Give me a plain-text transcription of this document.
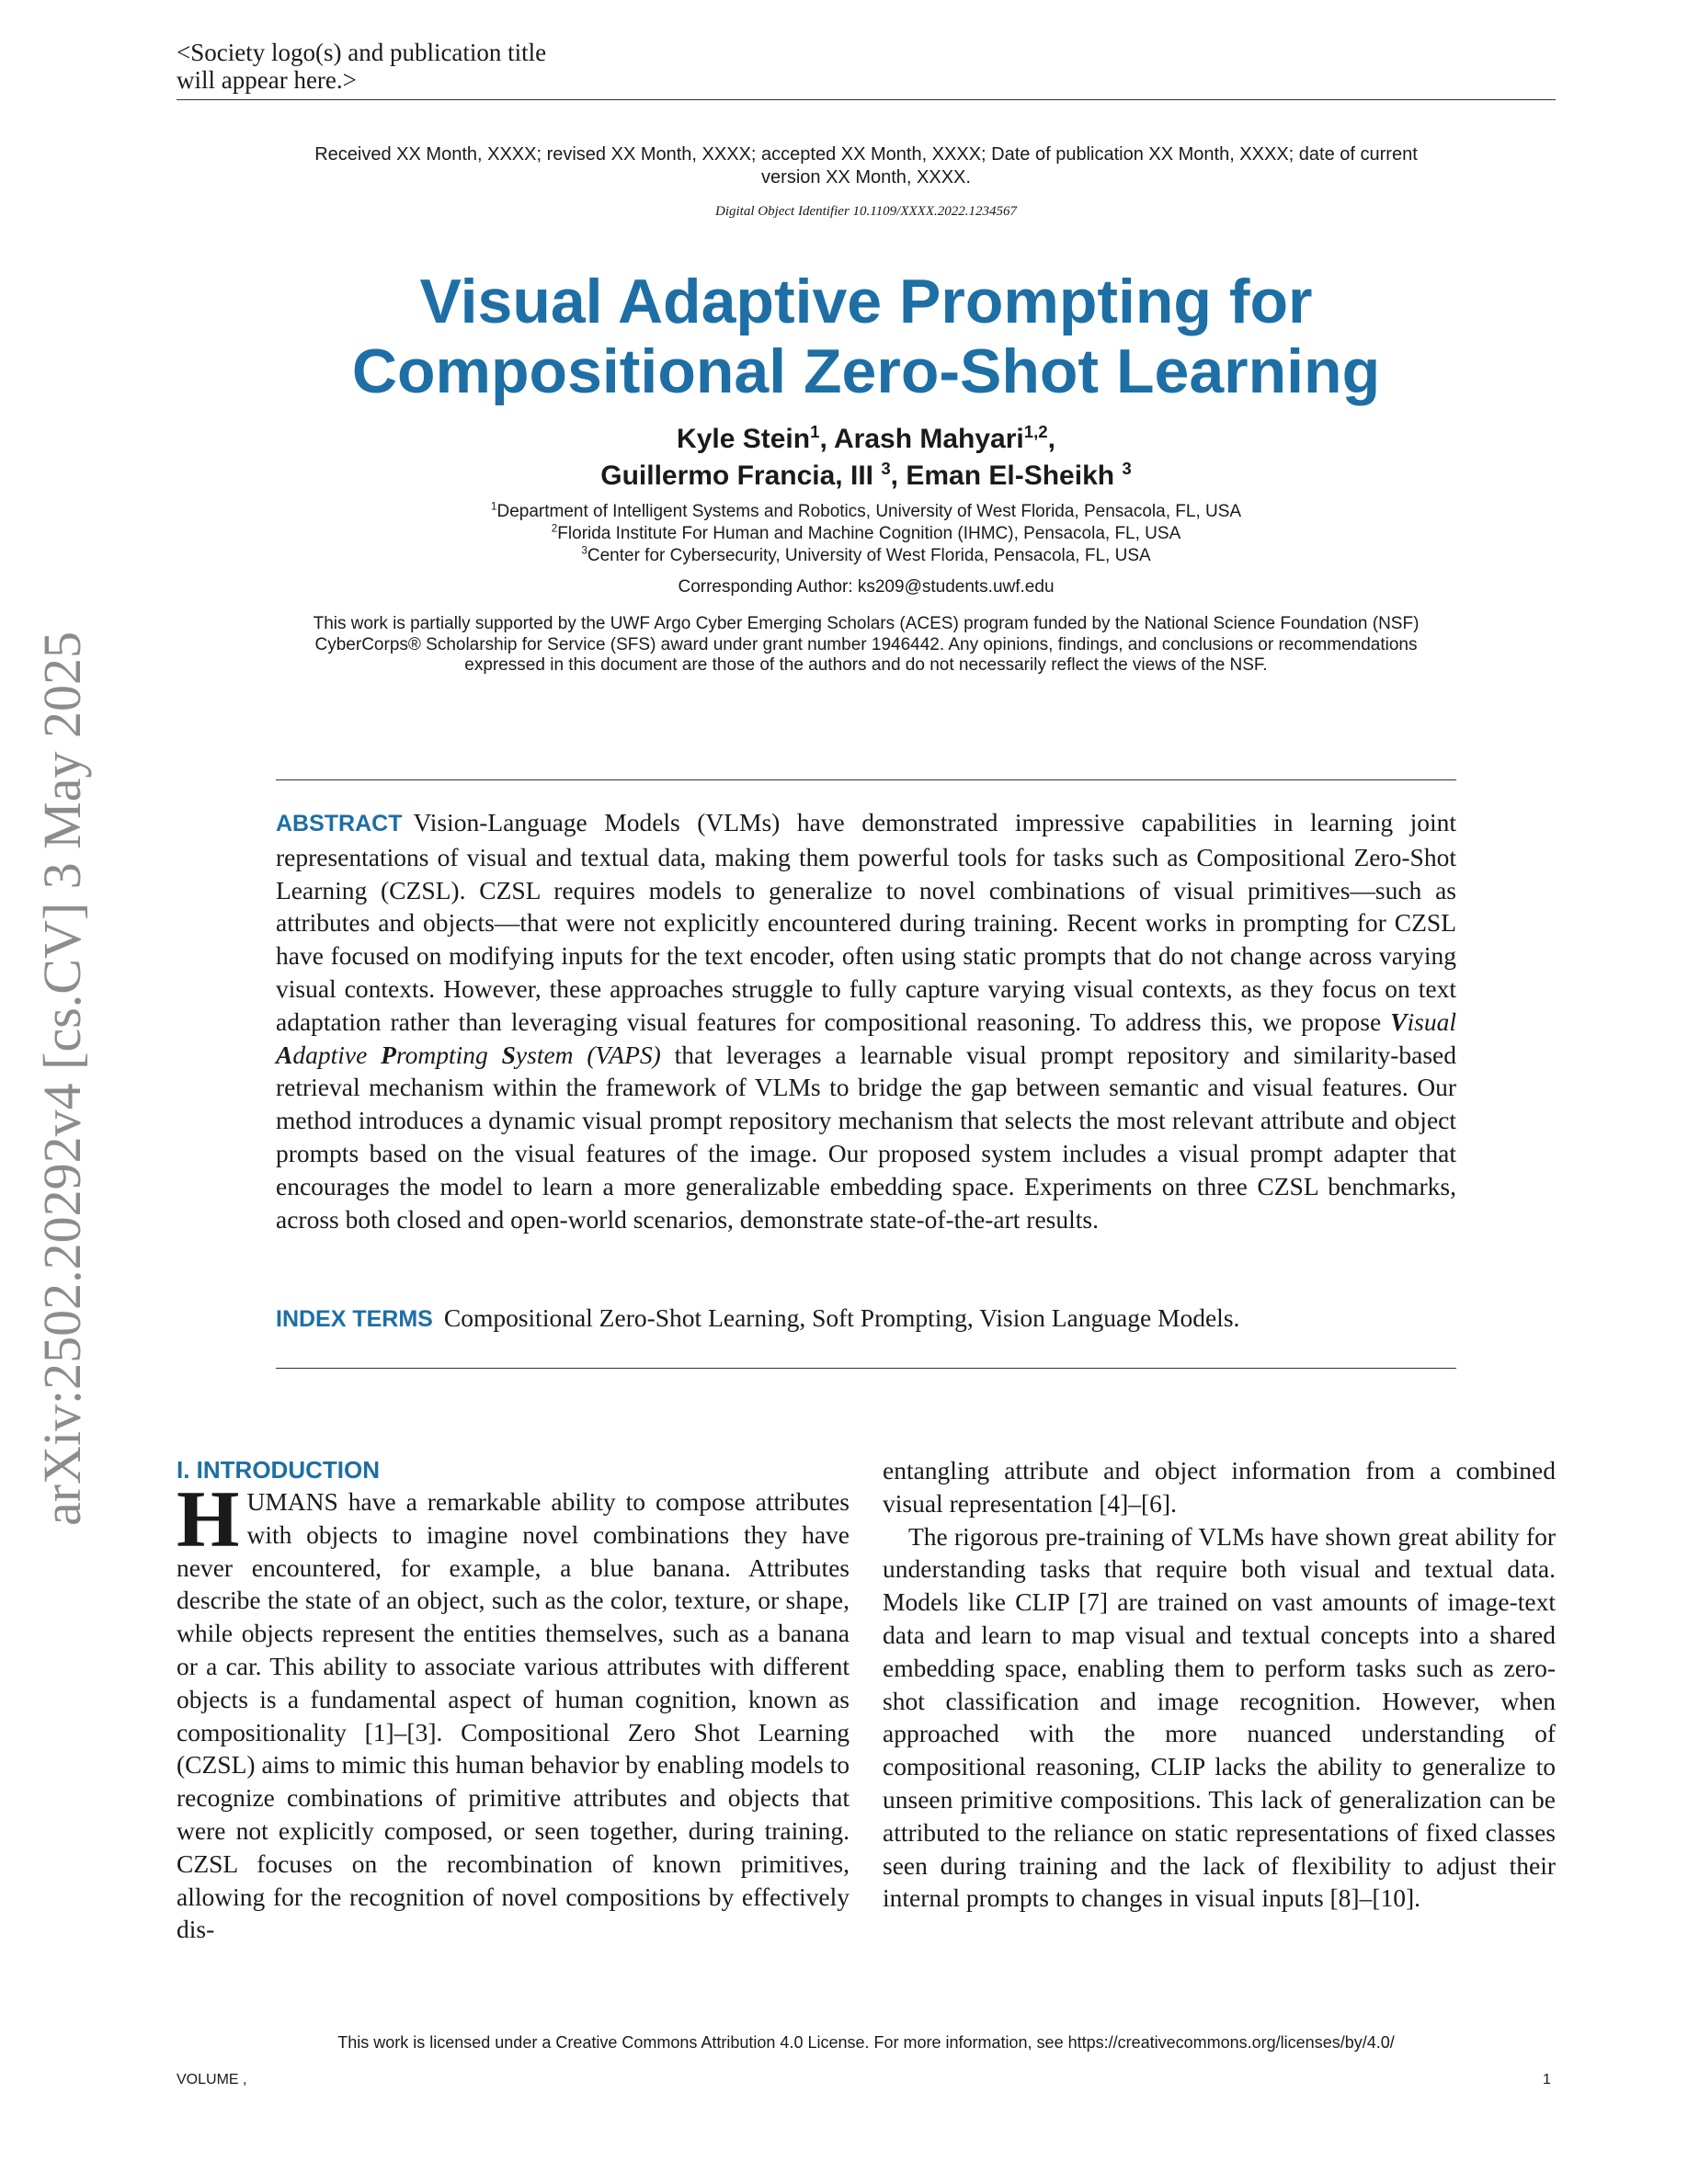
<Society logo(s) and publication title will appear here.>
Received XX Month, XXXX; revised XX Month, XXXX; accepted XX Month, XXXX; Date of publication XX Month, XXXX; date of current version XX Month, XXXX.
Digital Object Identifier 10.1109/XXXX.2022.1234567
Visual Adaptive Prompting for
Compositional Zero-Shot Learning
Kyle Stein$^1$, Arash Mahyari$^{1,2}$,
Guillermo Francia, III $^3$, Eman El-Sheikh $^3$
$^1$Department of Intelligent Systems and Robotics, University of West Florida, Pensacola, FL, USA
$^2$Florida Institute For Human and Machine Cognition (IHMC), Pensacola, FL, USA
$^3$Center for Cybersecurity, University of West Florida, Pensacola, FL, USA
Corresponding Author: ks209@students.uwf.edu
This work is partially supported by the UWF Argo Cyber Emerging Scholars (ACES) program funded by the National Science Foundation (NSF) CyberCorps® Scholarship for Service (SFS) award under grant number 1946442. Any opinions, findings, and conclusions or recommendations expressed in this document are those of the authors and do not necessarily reflect the views of the NSF.
ABSTRACT Vision-Language Models (VLMs) have demonstrated impressive capabilities in learning joint representations of visual and textual data, making them powerful tools for tasks such as Compositional Zero-Shot Learning (CZSL). CZSL requires models to generalize to novel combinations of visual primitives—such as attributes and objects—that were not explicitly encountered during training. Recent works in prompting for CZSL have focused on modifying inputs for the text encoder, often using static prompts that do not change across varying visual contexts. However, these approaches struggle to fully capture varying visual contexts, as they focus on text adaptation rather than leveraging visual features for compositional reasoning. To address this, we propose Visual Adaptive Prompting System (VAPS) that leverages a learnable visual prompt repository and similarity-based retrieval mechanism within the framework of VLMs to bridge the gap between semantic and visual features. Our method introduces a dynamic visual prompt repository mechanism that selects the most relevant attribute and object prompts based on the visual features of the image. Our proposed system includes a visual prompt adapter that encourages the model to learn a more generalizable embedding space. Experiments on three CZSL benchmarks, across both closed and open-world scenarios, demonstrate state-of-the-art results.
INDEX TERMS Compositional Zero-Shot Learning, Soft Prompting, Vision Language Models.
arXiv:2502.20292v4 [cs.CV] 3 May 2025	I. INTRODUCTION

HUMANS have a remarkable ability to compose attributes with objects to imagine novel combinations they have never encountered, for example, a blue banana. Attributes describe the state of an object, such as the color, texture, or shape, while objects represent the entities themselves, such as a banana or a car. This ability to associate various attributes with different objects is a fundamental aspect of human cognition, known as compositionality [1]–[3]. Compositional Zero Shot Learning (CZSL) aims to mimic this human behavior by enabling models to recognize combinations of primitive attributes and objects that were not explicitly composed, or seen together, during training. CZSL focuses on the recombination of known primitives, allowing for the recognition of novel compositions by effectively dis-

entangling attribute and object information from a combined visual representation [4]–[6].

The rigorous pre-training of VLMs have shown great ability for understanding tasks that require both visual and textual data. Models like CLIP [7] are trained on vast amounts of image-text data and learn to map visual and textual concepts into a shared embedding space, enabling them to perform tasks such as zero-shot classification and image recognition. However, when approached with the more nuanced understanding of compositional reasoning, CLIP lacks the ability to generalize to unseen primitive compositions. This lack of generalization can be attributed to the reliance on static representations of fixed classes seen during training and the lack of flexibility to adjust their internal prompts to changes in visual inputs [8]–[10].

This work is licensed under a Creative Commons Attribution 4.0 License. For more information, see https://creativecommons.org/licenses/by/4.0/
VOLUME ,	1
